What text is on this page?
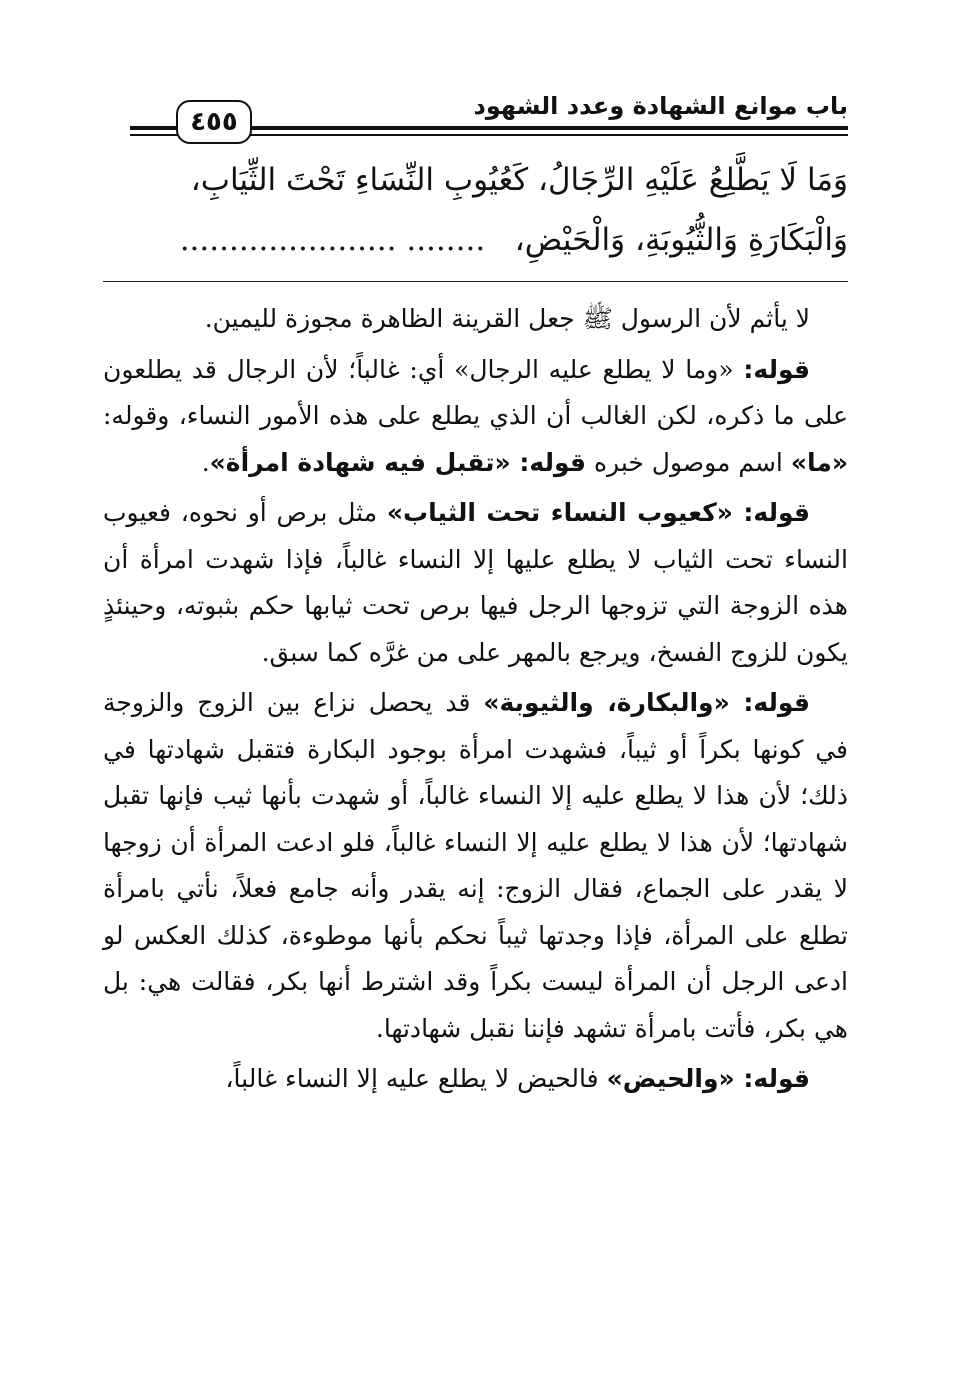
باب موانع الشهادة وعدد الشهود
٤٥٥
وَمَا لَا يَطَّلِعُ عَلَيْهِ الرِّجَالُ، كَعُيُوبِ النِّسَاءِ تَحْتَ الثِّيَابِ،
وَالْبَكَارَةِ وَالثُّيُوبَةِ، وَالْحَيْضِ،   ........ ......................

لا يأثم لأن الرسول ﷺ جعل القرينة الظاهرة مجوزة لليمين.

قوله: «وما لا يطلع عليه الرجال» أي: غالباً؛ لأن الرجال قد يطلعون على ما ذكره، لكن الغالب أن الذي يطلع على هذه الأمور النساء، وقوله: «ما» اسم موصول خبره قوله: «تقبل فيه شهادة امرأة».

قوله: «كعيوب النساء تحت الثياب» مثل برص أو نحوه، فعيوب النساء تحت الثياب لا يطلع عليها إلا النساء غالباً، فإذا شهدت امرأة أن هذه الزوجة التي تزوجها الرجل فيها برص تحت ثيابها حكم بثبوته، وحينئذٍ يكون للزوج الفسخ، ويرجع بالمهر على من غرَّه كما سبق.

قوله: «والبكارة، والثيوبة» قد يحصل نزاع بين الزوج والزوجة في كونها بكراً أو ثيباً، فشهدت امرأة بوجود البكارة فتقبل شهادتها في ذلك؛ لأن هذا لا يطلع عليه إلا النساء غالباً، أو شهدت بأنها ثيب فإنها تقبل شهادتها؛ لأن هذا لا يطلع عليه إلا النساء غالباً، فلو ادعت المرأة أن زوجها لا يقدر على الجماع، فقال الزوج: إنه يقدر وأنه جامع فعلاً، نأتي بامرأة تطلع على المرأة، فإذا وجدتها ثيباً نحكم بأنها موطوءة، كذلك العكس لو ادعى الرجل أن المرأة ليست بكراً وقد اشترط أنها بكر، فقالت هي: بل هي بكر، فأتت بامرأة تشهد فإننا نقبل شهادتها.

قوله: «والحيض» فالحيض لا يطلع عليه إلا النساء غالباً،
